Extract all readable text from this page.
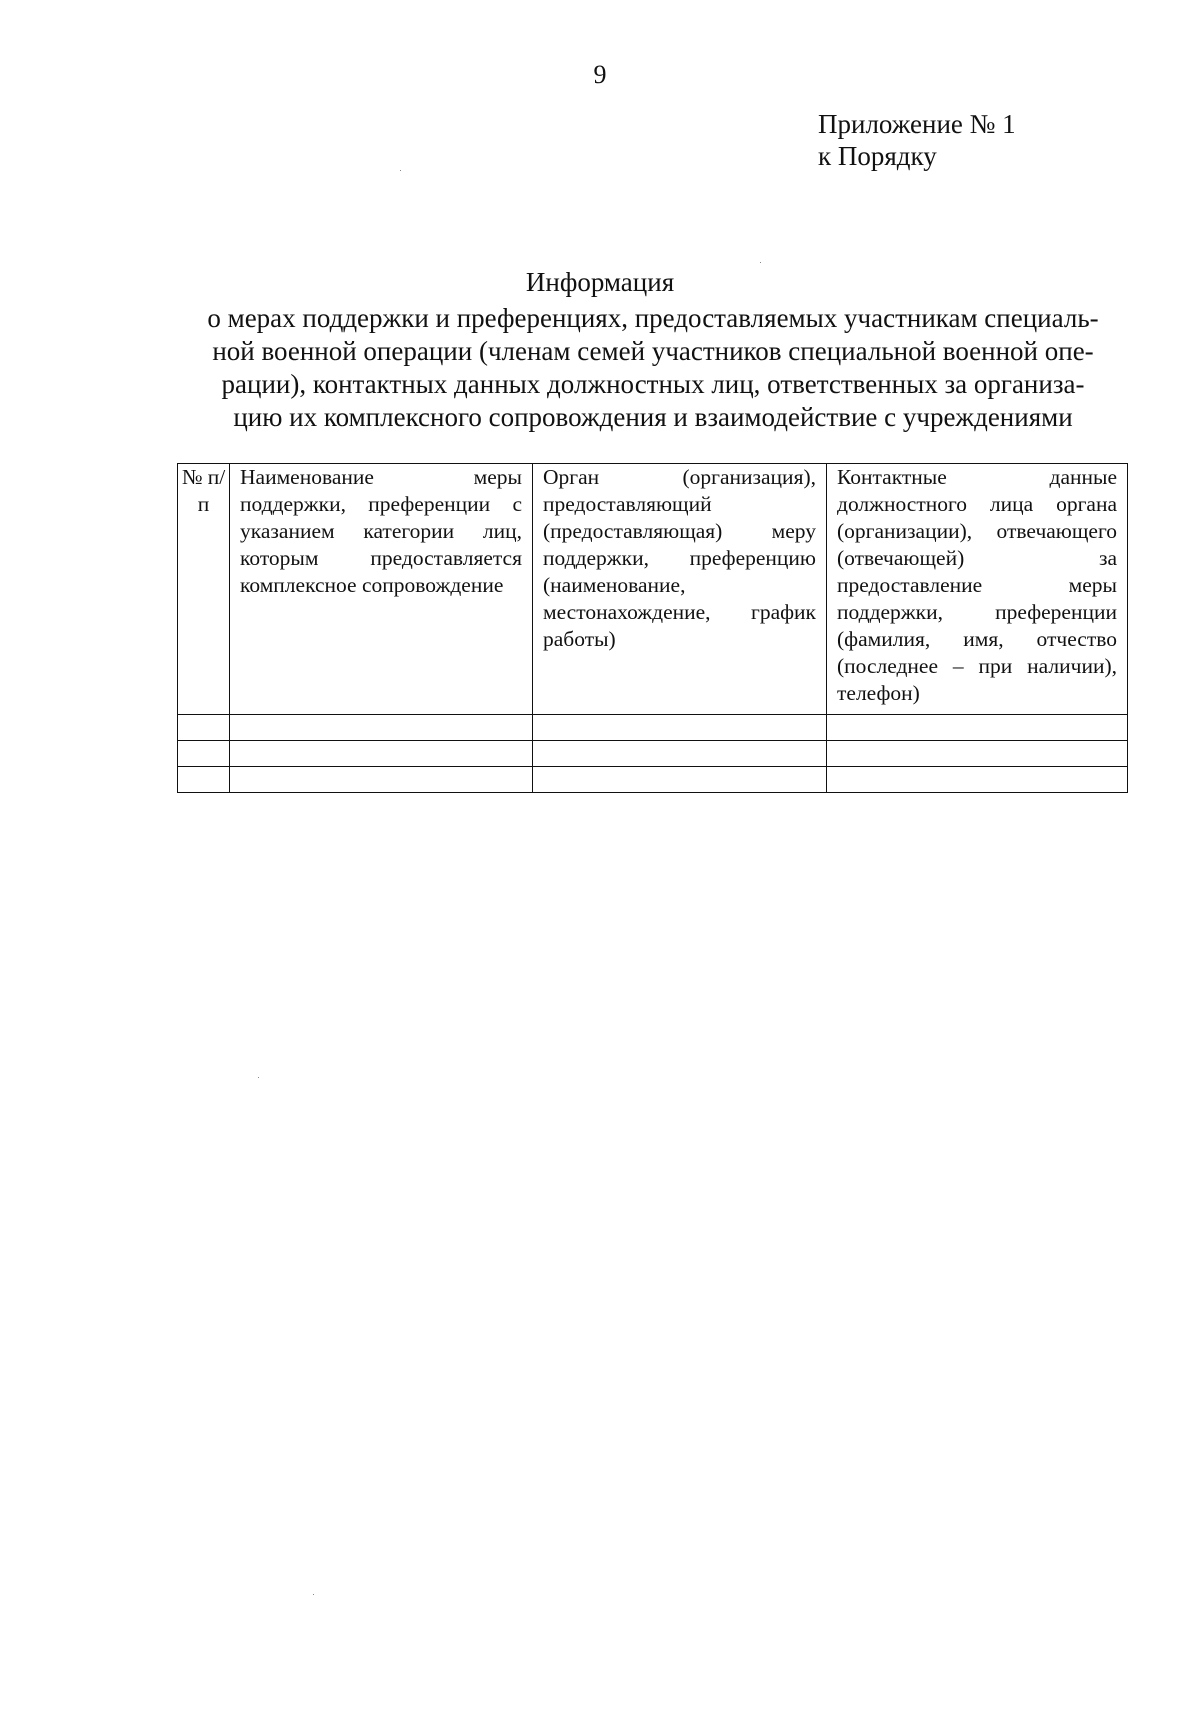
9
Приложение № 1
к Порядку
Информация
о мерах поддержки и преференциях, предоставляемых участникам специаль-
ной военной операции (членам семей участников специальной военной опе-
рации), контактных данных должностных лиц, ответственных за организа-
цию их комплексного сопровождения и взаимодействие с учреждениями
№ п/п	Наименование меры поддержки, преференции с указанием категории лиц, которым предоставляется комплексное сопровождение	Орган (организация), предоставляющий (предоставляющая) меру поддержки, преференцию (наименование, местонахождение, график работы)	Контактные данные должностного лица органа (организации), отвечающего (отвечающей) за предоставление меры поддержки, преференции (фамилия, имя, отчество (последнее – при наличии), телефон)
